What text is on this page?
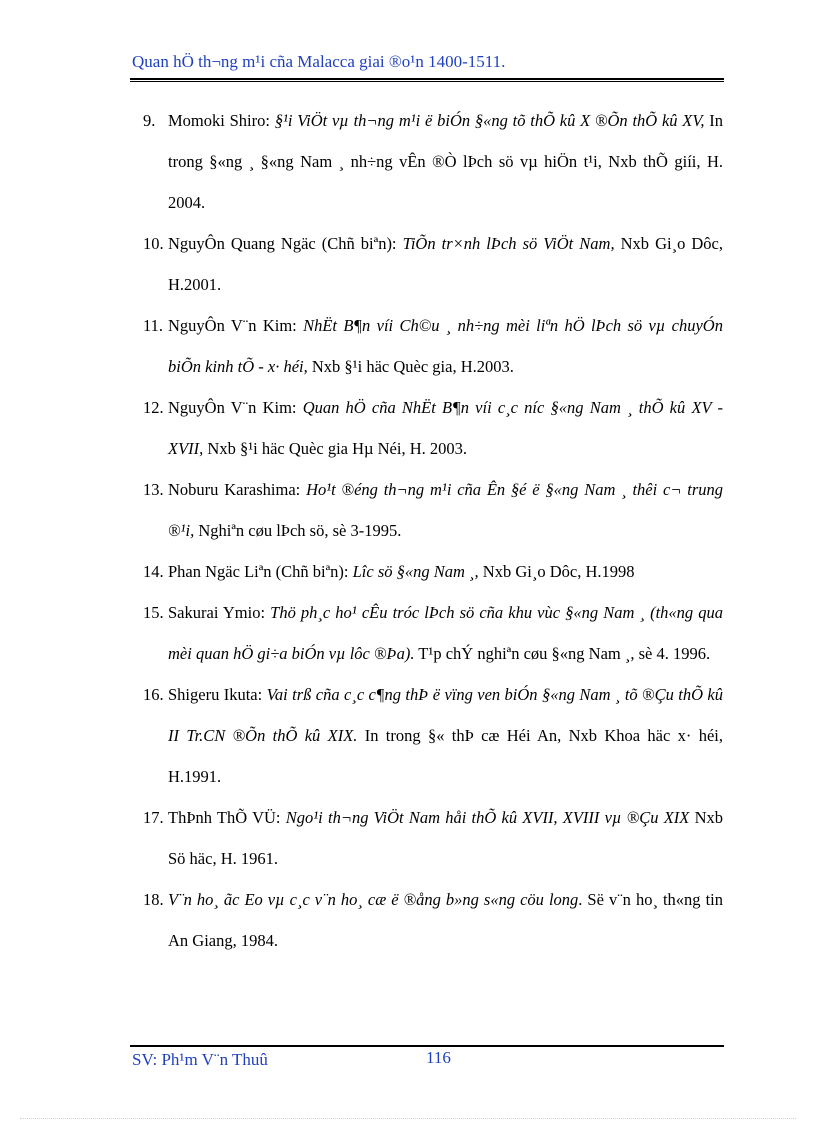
Quan hÖ th¬ng m¹i cña Malacca giai ®o¹n 1400-1511.
9. Momoki Shiro: §¹i ViÖt vµ th¬ng m¹i ë biÓn §«ng tõ thÕ kû X ®Õn thÕ kû XV, In trong §«ng ¸ §«ng Nam ¸ nh÷ng vÊn ®Ò lÞch sö vµ hiÖn t¹i, Nxb thÕ giíi, H. 2004.
10. NguyÔn Quang Ngäc (Chñ biªn): TiÕn tr×nh lÞch sö ViÖt Nam, Nxb Gi¸o Dôc, H.2001.
11. NguyÔn V¨n Kim: NhËt B¶n víi Ch©u ¸ nh÷ng mèi liªn hÖ lÞch sö vµ chuyÓn biÕn kinh tÕ - x· héi, Nxb §¹i häc Quèc gia, H.2003.
12. NguyÔn V¨n Kim: Quan hÖ cña NhËt B¶n víi c¸c níc §«ng Nam ¸ thÕ kû XV - XVII, Nxb §¹i häc Quèc gia Hµ Néi, H. 2003.
13. Noburu Karashima: Ho¹t ®éng th¬ng m¹i cña Ên §é ë §«ng Nam ¸ thêi c¬ trung ®¹i, Nghiªn cøu lÞch sö, sè 3-1995.
14. Phan Ngäc Liªn (Chñ biªn): Lîc sö §«ng Nam ¸, Nxb Gi¸o Dôc, H.1998
15. Sakurai Ymio: Thö ph¸c ho¹ cÊu tróc lÞch sö cña khu vùc §«ng Nam ¸ (th«ng qua mèi quan hÖ gi÷a biÓn vµ lôc ®Þa). T¹p chÝ nghiªn cøu §«ng Nam ¸, sè 4. 1996.
16. Shigeru Ikuta: Vai trß cña c¸c c¶ng thÞ ë vïng ven biÓn §«ng Nam ¸ tõ ®Çu thÕ kû II Tr.CN ®Õn thÕ kû XIX. In trong §« thÞ cæ Héi An, Nxb Khoa häc x· héi, H.1991.
17. ThÞnh ThÕ VÜ: Ngo¹i th¬ng ViÖt Nam håi thÕ kû XVII, XVIII vµ ®Çu XIX Nxb Sö häc, H. 1961.
18. V¨n ho¸ ãc Eo vµ c¸c v¨n ho¸ cæ ë ®ång b»ng s«ng cöu long. Së v¨n ho¸ th«ng tin An Giang, 1984.
SV: Ph¹m V¨n Thuû	116
